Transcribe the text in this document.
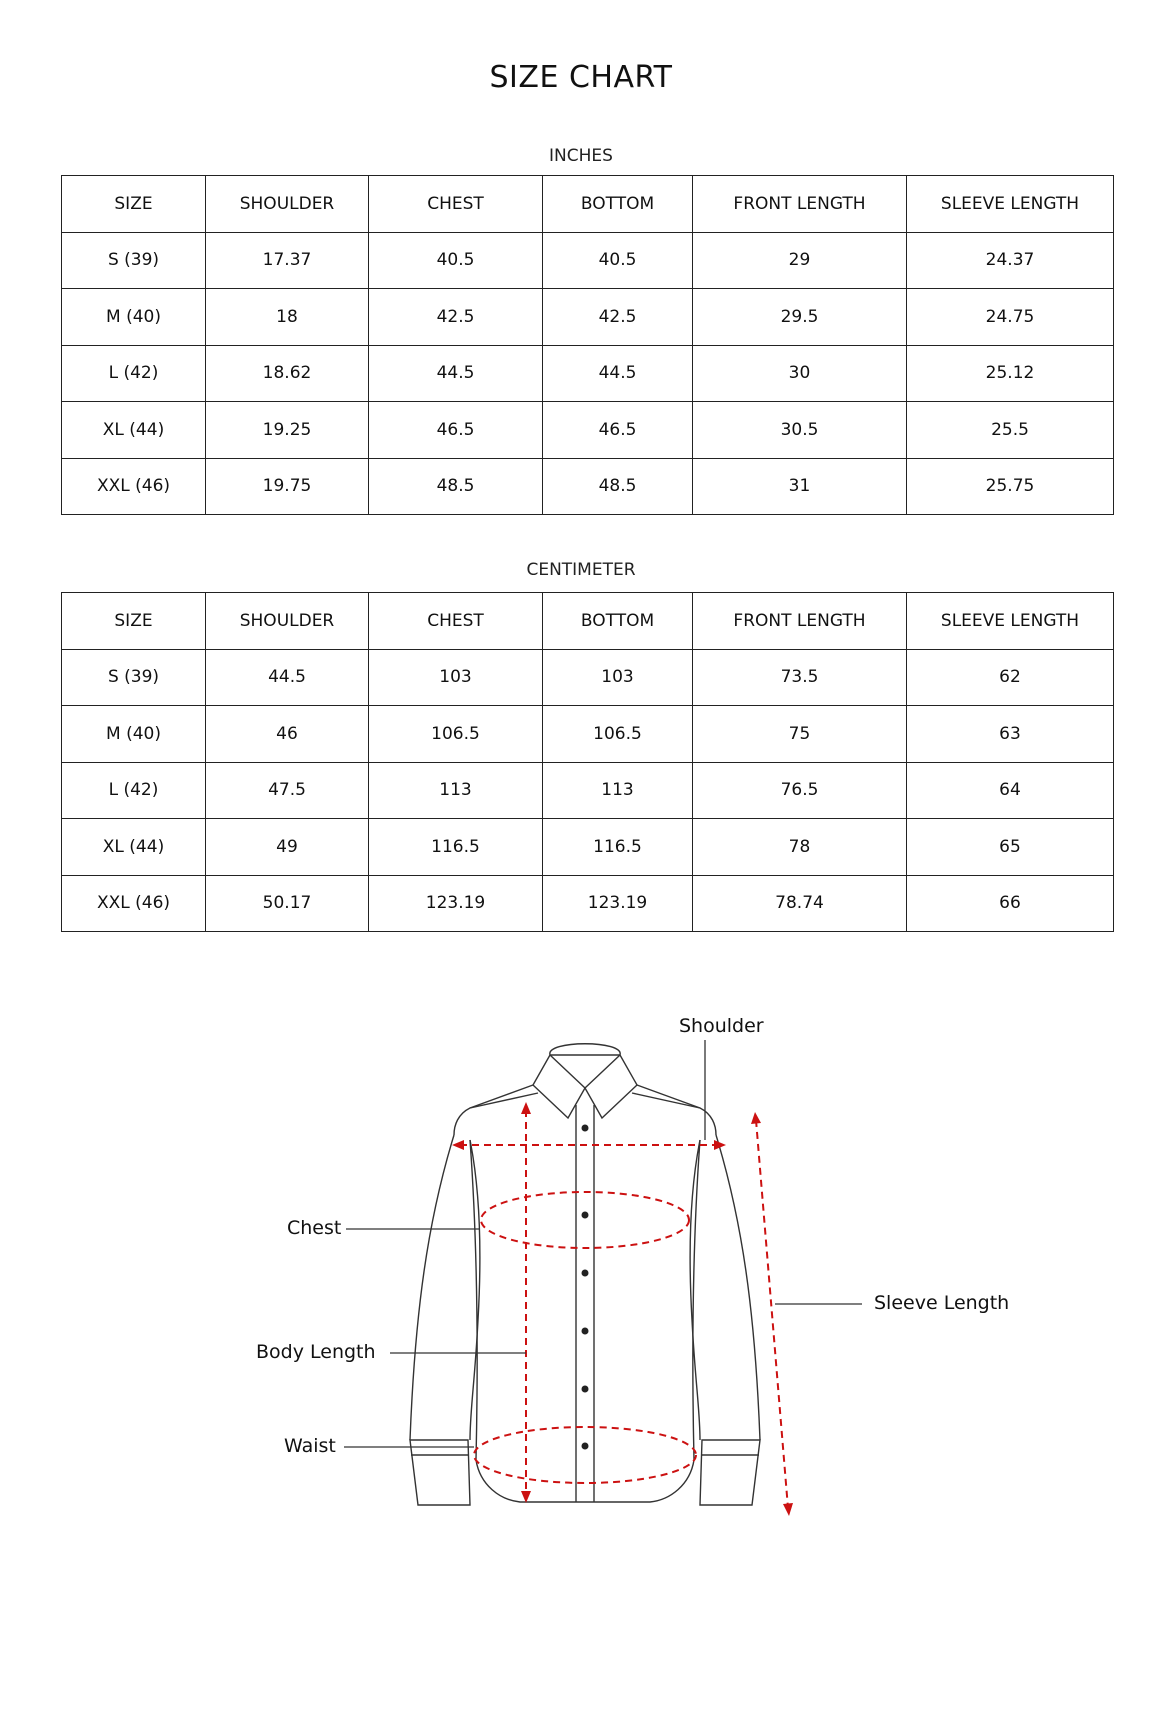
SIZE CHART
INCHES
SIZE	SHOULDER	CHEST	BOTTOM	FRONT LENGTH	SLEEVE LENGTH
S (39)	17.37	40.5	40.5	29	24.37
M (40)	18	42.5	42.5	29.5	24.75
L (42)	18.62	44.5	44.5	30	25.12
XL (44)	19.25	46.5	46.5	30.5	25.5
XXL (46)	19.75	48.5	48.5	31	25.75
CENTIMETER
SIZE	SHOULDER	CHEST	BOTTOM	FRONT LENGTH	SLEEVE LENGTH
S (39)	44.5	103	103	73.5	62
M (40)	46	106.5	106.5	75	63
L (42)	47.5	113	113	76.5	64
XL (44)	49	116.5	116.5	78	65
XXL (46)	50.17	123.19	123.19	78.74	66
Shoulder
Chest
Body Length
Waist
Sleeve Length
